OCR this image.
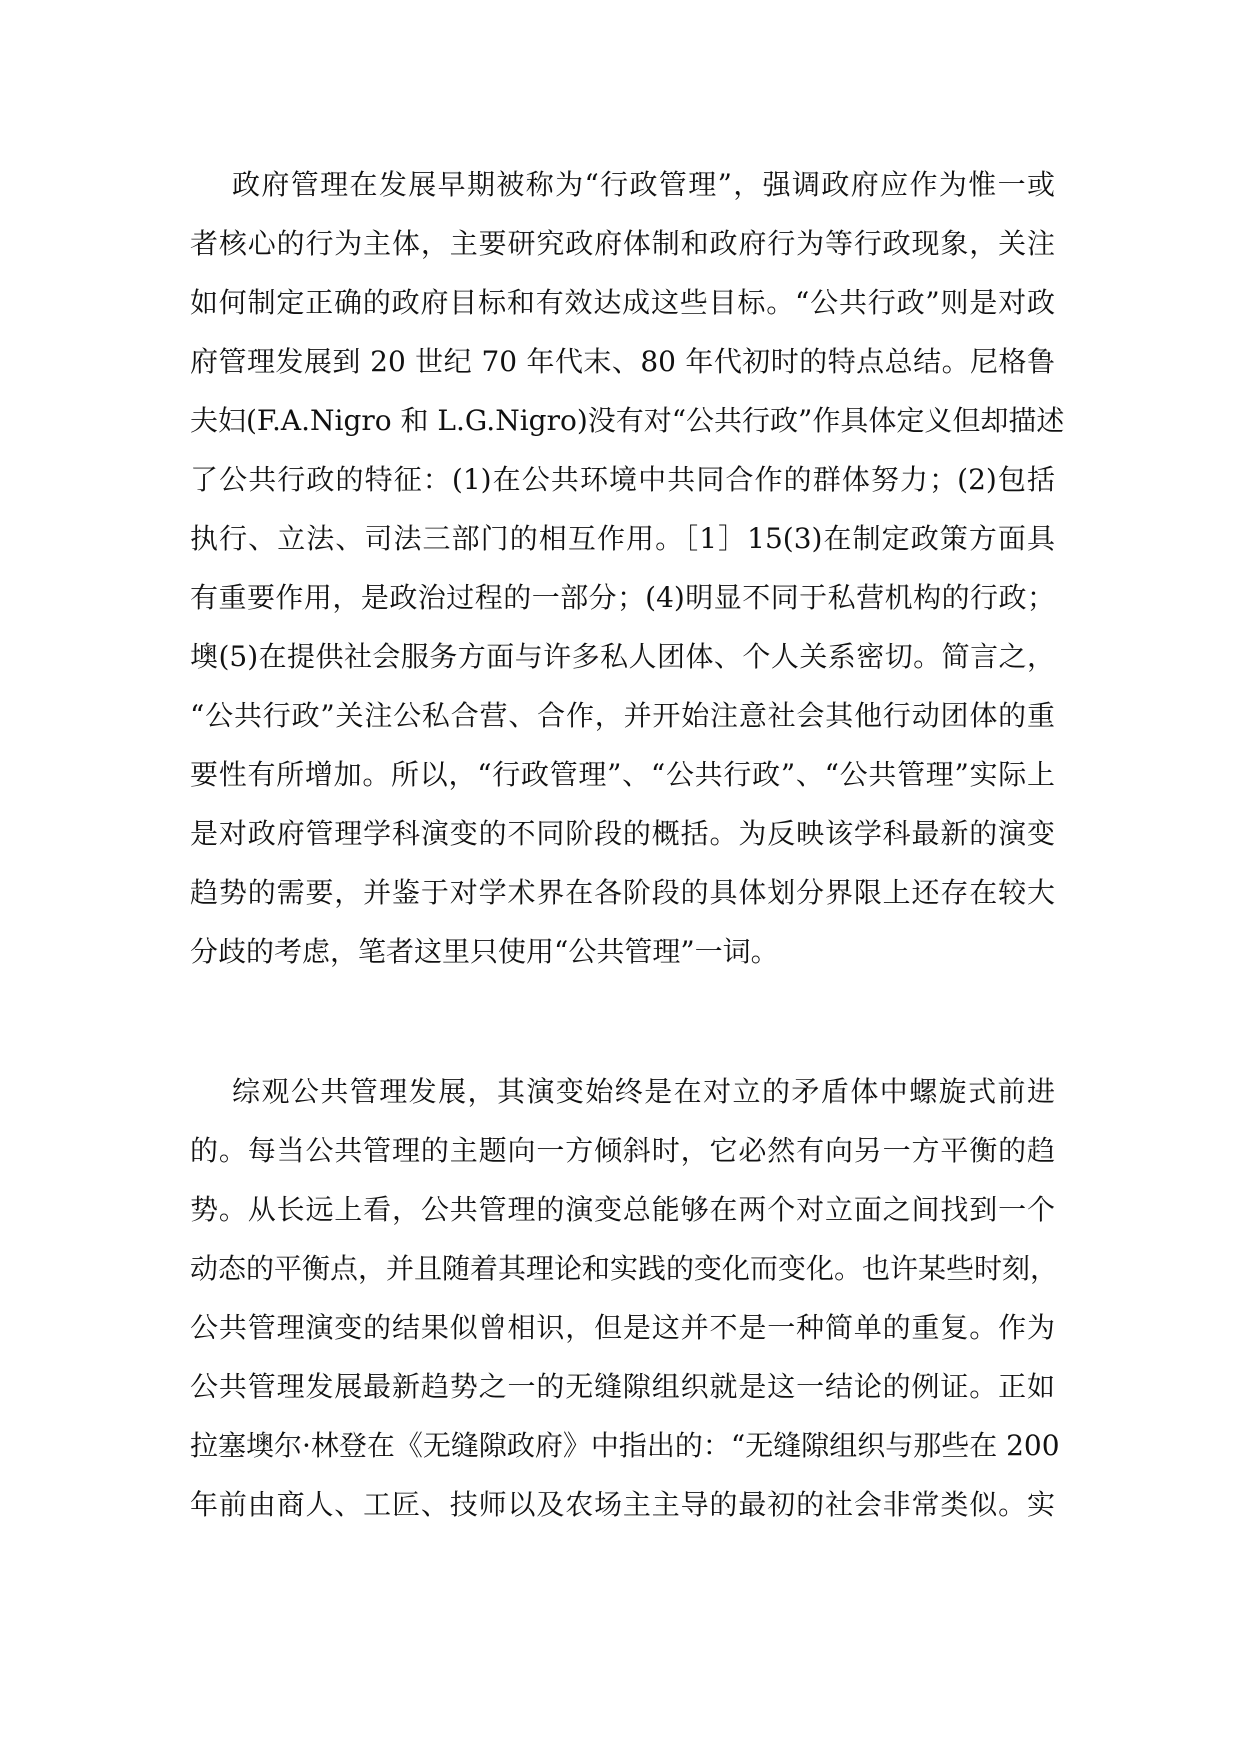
政府管理在发展早期被称为“行政管理”，强调政府应作为惟一或
者核心的行为主体，主要研究政府体制和政府行为等行政现象，关注
如何制定正确的政府目标和有效达成这些目标。“公共行政”则是对政
府管理发展到 20 世纪 70 年代末、80 年代初时的特点总结。尼格鲁
夫妇(F.A.Nigro 和 L.G.Nigro)没有对“公共行政”作具体定义但却描述
了公共行政的特征：(1)在公共环境中共同合作的群体努力；(2)包括
执行、立法、司法三部门的相互作用。［1］15(3)在制定政策方面具
有重要作用，是政治过程的一部分；(4)明显不同于私营机构的行政；
墺(5)在提供社会服务方面与许多私人团体、个人关系密切。简言之，
“公共行政”关注公私合营、合作，并开始注意社会其他行动团体的重
要性有所增加。所以，“行政管理”、“公共行政”、“公共管理”实际上
是对政府管理学科演变的不同阶段的概括。为反映该学科最新的演变
趋势的需要，并鉴于对学术界在各阶段的具体划分界限上还存在较大
分歧的考虑，笔者这里只使用“公共管理”一词。
综观公共管理发展，其演变始终是在对立的矛盾体中螺旋式前进
的。每当公共管理的主题向一方倾斜时，它必然有向另一方平衡的趋
势。从长远上看，公共管理的演变总能够在两个对立面之间找到一个
动态的平衡点，并且随着其理论和实践的变化而变化。也许某些时刻，
公共管理演变的结果似曾相识，但是这并不是一种简单的重复。作为
公共管理发展最新趋势之一的无缝隙组织就是这一结论的例证。正如
拉塞墺尔·林登在《无缝隙政府》中指出的：“无缝隙组织与那些在 200
年前由商人、工匠、技师以及农场主主导的最初的社会非常类似。实
